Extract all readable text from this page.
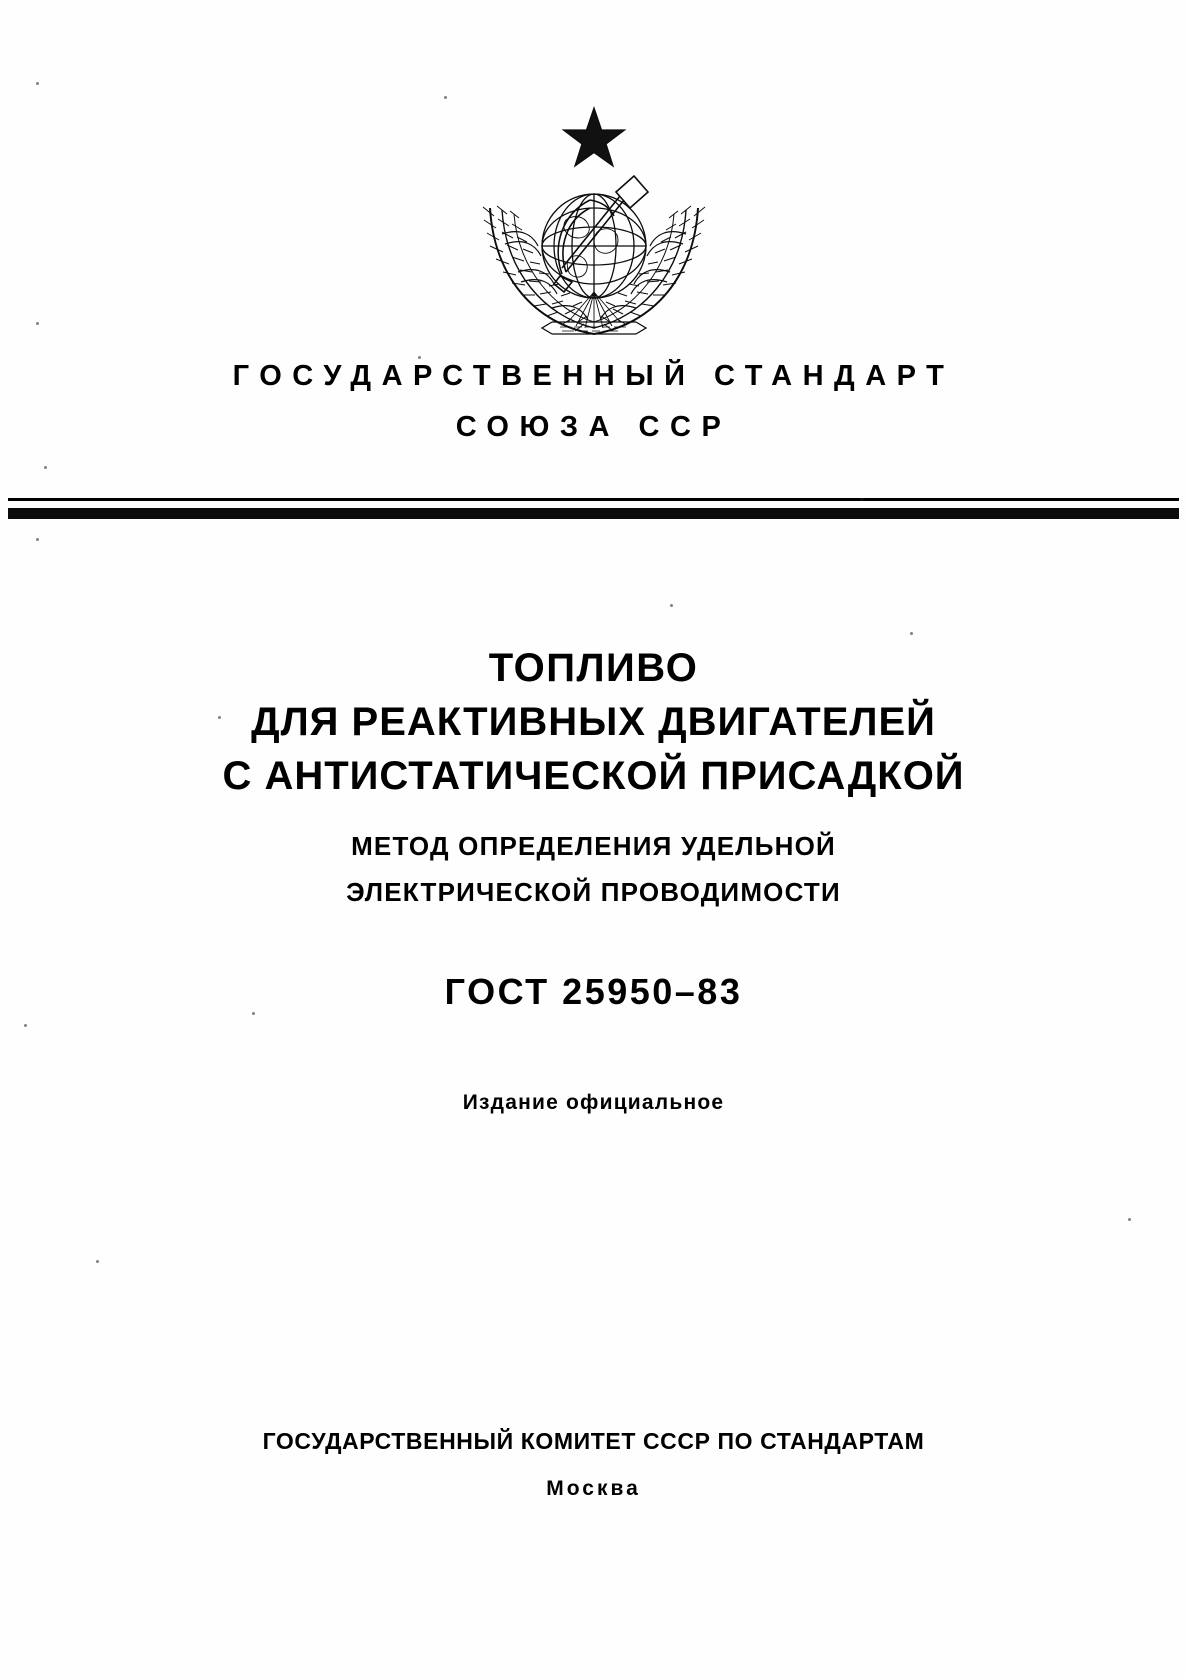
ГОСУДАРСТВЕННЫЙ СТАНДАРТ
СОЮЗА ССР
ТОПЛИВО
ДЛЯ РЕАКТИВНЫХ ДВИГАТЕЛЕЙ
С АНТИСТАТИЧЕСКОЙ ПРИСАДКОЙ
МЕТОД ОПРЕДЕЛЕНИЯ УДЕЛЬНОЙ
ЭЛЕКТРИЧЕСКОЙ ПРОВОДИМОСТИ
ГОСТ 25950–83
Издание официальное
ГОСУДАРСТВЕННЫЙ КОМИТЕТ СССР ПО СТАНДАРТАМ
Москва
